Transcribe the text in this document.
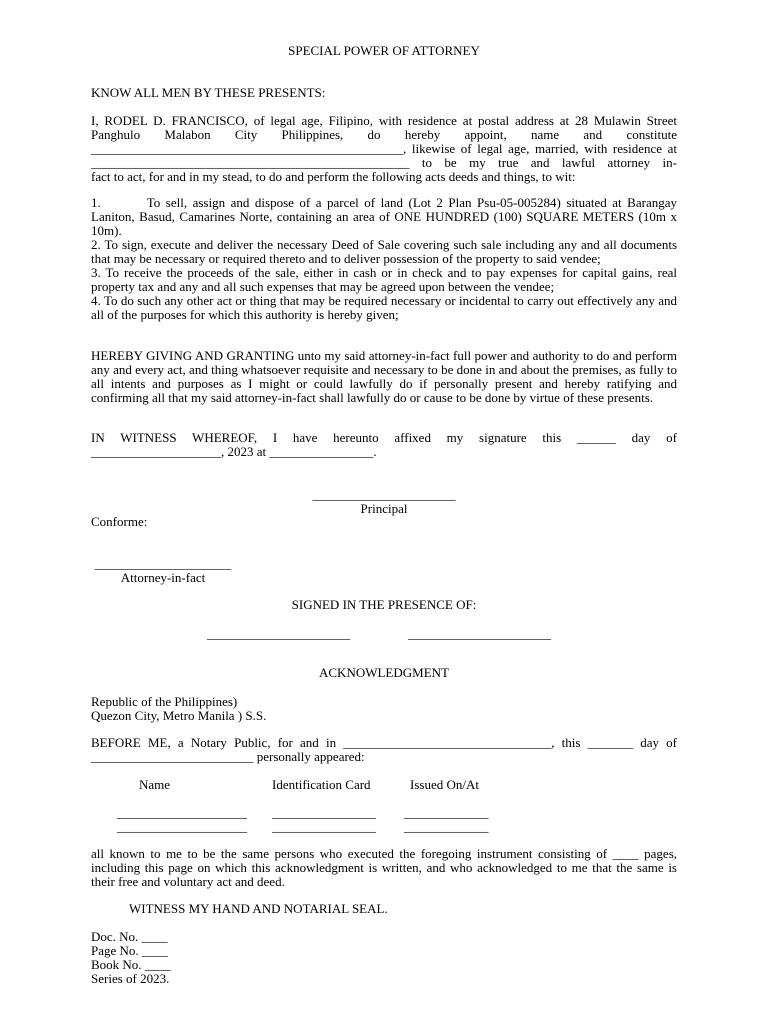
SPECIAL POWER OF ATTORNEY

KNOW ALL MEN BY THESE PRESENTS:

I, RODEL D. FRANCISCO, of legal age, Filipino, with residence at postal address at 28 Mulawin Street
Panghulo Malabon City Philippines, do hereby appoint, name and constitute
________________________________________________, likewise of legal age, married, with residence at
_________________________________________________ to be my true and lawful attorney in-
fact to act, for and in my stead, to do and perform the following acts deeds and things, to wit:
1.	To sell, assign and dispose of a parcel of land (Lot 2 Plan Psu-05-005284) situated at Barangay Laniton, Basud, Camarines Norte, containing an area of ONE HUNDRED (100) SQUARE METERS (10m x 10m).
2. To sign, execute and deliver the necessary Deed of Sale covering such sale including any and all documents that may be necessary or required thereto and to deliver possession of the property to said vendee;
3. To receive the proceeds of the sale, either in cash or in check and to pay expenses for capital gains, real property tax and any and all such expenses that may be agreed upon between the vendee;
4. To do such any other act or thing that may be required necessary or incidental to carry out effectively any and all of the purposes for which this authority is hereby given;
HEREBY GIVING AND GRANTING unto my said attorney-in-fact full power and authority to do and perform any and every act, and thing whatsoever requisite and necessary to be done in and about the premises, as fully to all intents and purposes as I might or could lawfully do if personally present and hereby ratifying and confirming all that my said attorney-in-fact shall lawfully do or cause to be done by virtue of these presents.
IN WITNESS WHEREOF, I have hereunto affixed my signature this ______ day of
____________________, 2023 at ________________.
______________________
Principal

Conforme:

_____________________
Attorney-in-fact

SIGNED IN THE PRESENCE OF:

______________________	______________________

ACKNOWLEDGMENT

Republic of the Philippines)
Quezon City, Metro Manila ) S.S.
BEFORE ME, a Notary Public, for and in ________________________________, this _______ day of
_________________________ personally appeared:
Name	Identification Card	Issued On/At
____________________ ________________ _____________
____________________ ________________ _____________
all known to me to be the same persons who executed the foregoing instrument consisting of ____ pages, including this page on which this acknowledgment is written, and who acknowledged to me that the same is their free and voluntary act and deed.

WITNESS MY HAND AND NOTARIAL SEAL.

Doc. No. ____
Page No. ____
Book No. ____
Series of 2023.
